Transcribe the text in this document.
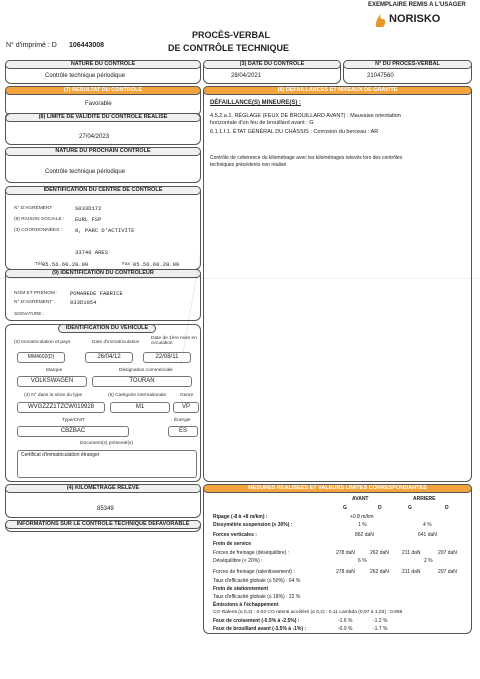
EXEMPLAIRE REMIS A L'USAGER
NORISKO
PROCÈS-VERBAL
DE CONTRÔLE TECHNIQUE
N° d'imprimé : D 106443008
NATURE DU CONTRÔLE
Contrôle technique périodique
(3) DATE DU CONTRÔLE
28/04/2021
N° DU PROCÈS-VERBAL
21047560
(7) RÉSULTAT DU CONTRÔLE
Favorable
(8) LIMITE DE VALIDITÉ DU CONTRÔLE RÉALISÉ
27/04/2023
NATURE DU PROCHAIN CONTRÔLE
Contrôle technique périodique
IDENTIFICATION DU CENTRE DE CONTRÔLE
N° D'AGRÉMENT	S033D172
(9) RAISON SOCIALE : EURL FSP
(3) COORDONNÉES : 8, PARC D'ACTIVITE
33740 ARES
Tél :
05.56.60.28.09	Fax : 05.56.60.28.09
(9) IDENTIFICATION DU CONTRÔLEUR
NOM ET PRÉNOM : POMAREDE FABRICE
N° D'AGRÉMENT :	033D1054
SIGNATURE :
IDENTIFICATION DU VÉHICULE
(2) Immatriculation et pays	Date d'immatriculation
Date de 1ère mise en circulation
MM4602(D)	26/04/12	22/08/11
Marque	Désignation commerciale
VOLKSWAGEN	TOURAN
(4) N° dans la série du type	(5) Catégorie internationale	Genre
WVGZZZ1TZCW019928	M1	VP
Type/CNIT	Énergie
CBZBAC	ES
Document(s) présenté(s)
Certificat d'immatriculation étranger
(4) KILOMÉTRAGE RELEVÉ
85349
INFORMATIONS SUR LE CONTRÔLE TECHNIQUE DÉFAVORABLE
(6) DÉFAILLANCES ET NIVEAUX DE GRAVITÉ
DÉFAILLANCE(S) MINEURE(S) :
4.5.2.a.1. RÉGLAGE (FEUX DE BROUILLARD AVANT) : Mauvaise orientation
horizontale d'un feu de brouillard avant : G
6.1.1.f.1. ÉTAT GÉNÉRAL DU CHÂSSIS : Corrosion du berceau : AR
Contrôle de cohérence du kilométrage avec les kilométrages relevés lors des contrôles
techniques précédents non réalisé
MESURES RÉALISÉES ET VALEURS LIMITES CORRESPONDANTES
AVANT	ARRIERE
G	D	G	D
Ripage (-8 à +8 m/km) :	+0.8 m/km
Dissymétrie suspension (≤ 30%) :	1 %	4 %
Forces verticales :	862 daN	641 daN
Frein de service
Forces de freinage (déséquilibre) :	278 daN	262 daN	211 daN	207 daN
Déséquilibre (< 20%) :	6 %	2 %
Forces de freinage (ralentissement) :	278 daN	262 daN	211 daN	207 daN
Taux d'efficacité globale (≥ 50%) : 64 %
Frein de stationnement
Taux d'efficacité globale (≥ 18%) : 22 %
Émissions à l'échappement
CO Ralenti (≤ 0,3) : 0.03 CO ralenti accéléré (≤ 0,2) : 0.11 Lambda (0,97 à 1,03) : 0.996
Feux de croisement (-0.5% à -2.5%) :	-1.6 %	-1.2 %
Feux de brouillard avant (-3.5% à -1%) :	-0.9 %	-1.7 %
